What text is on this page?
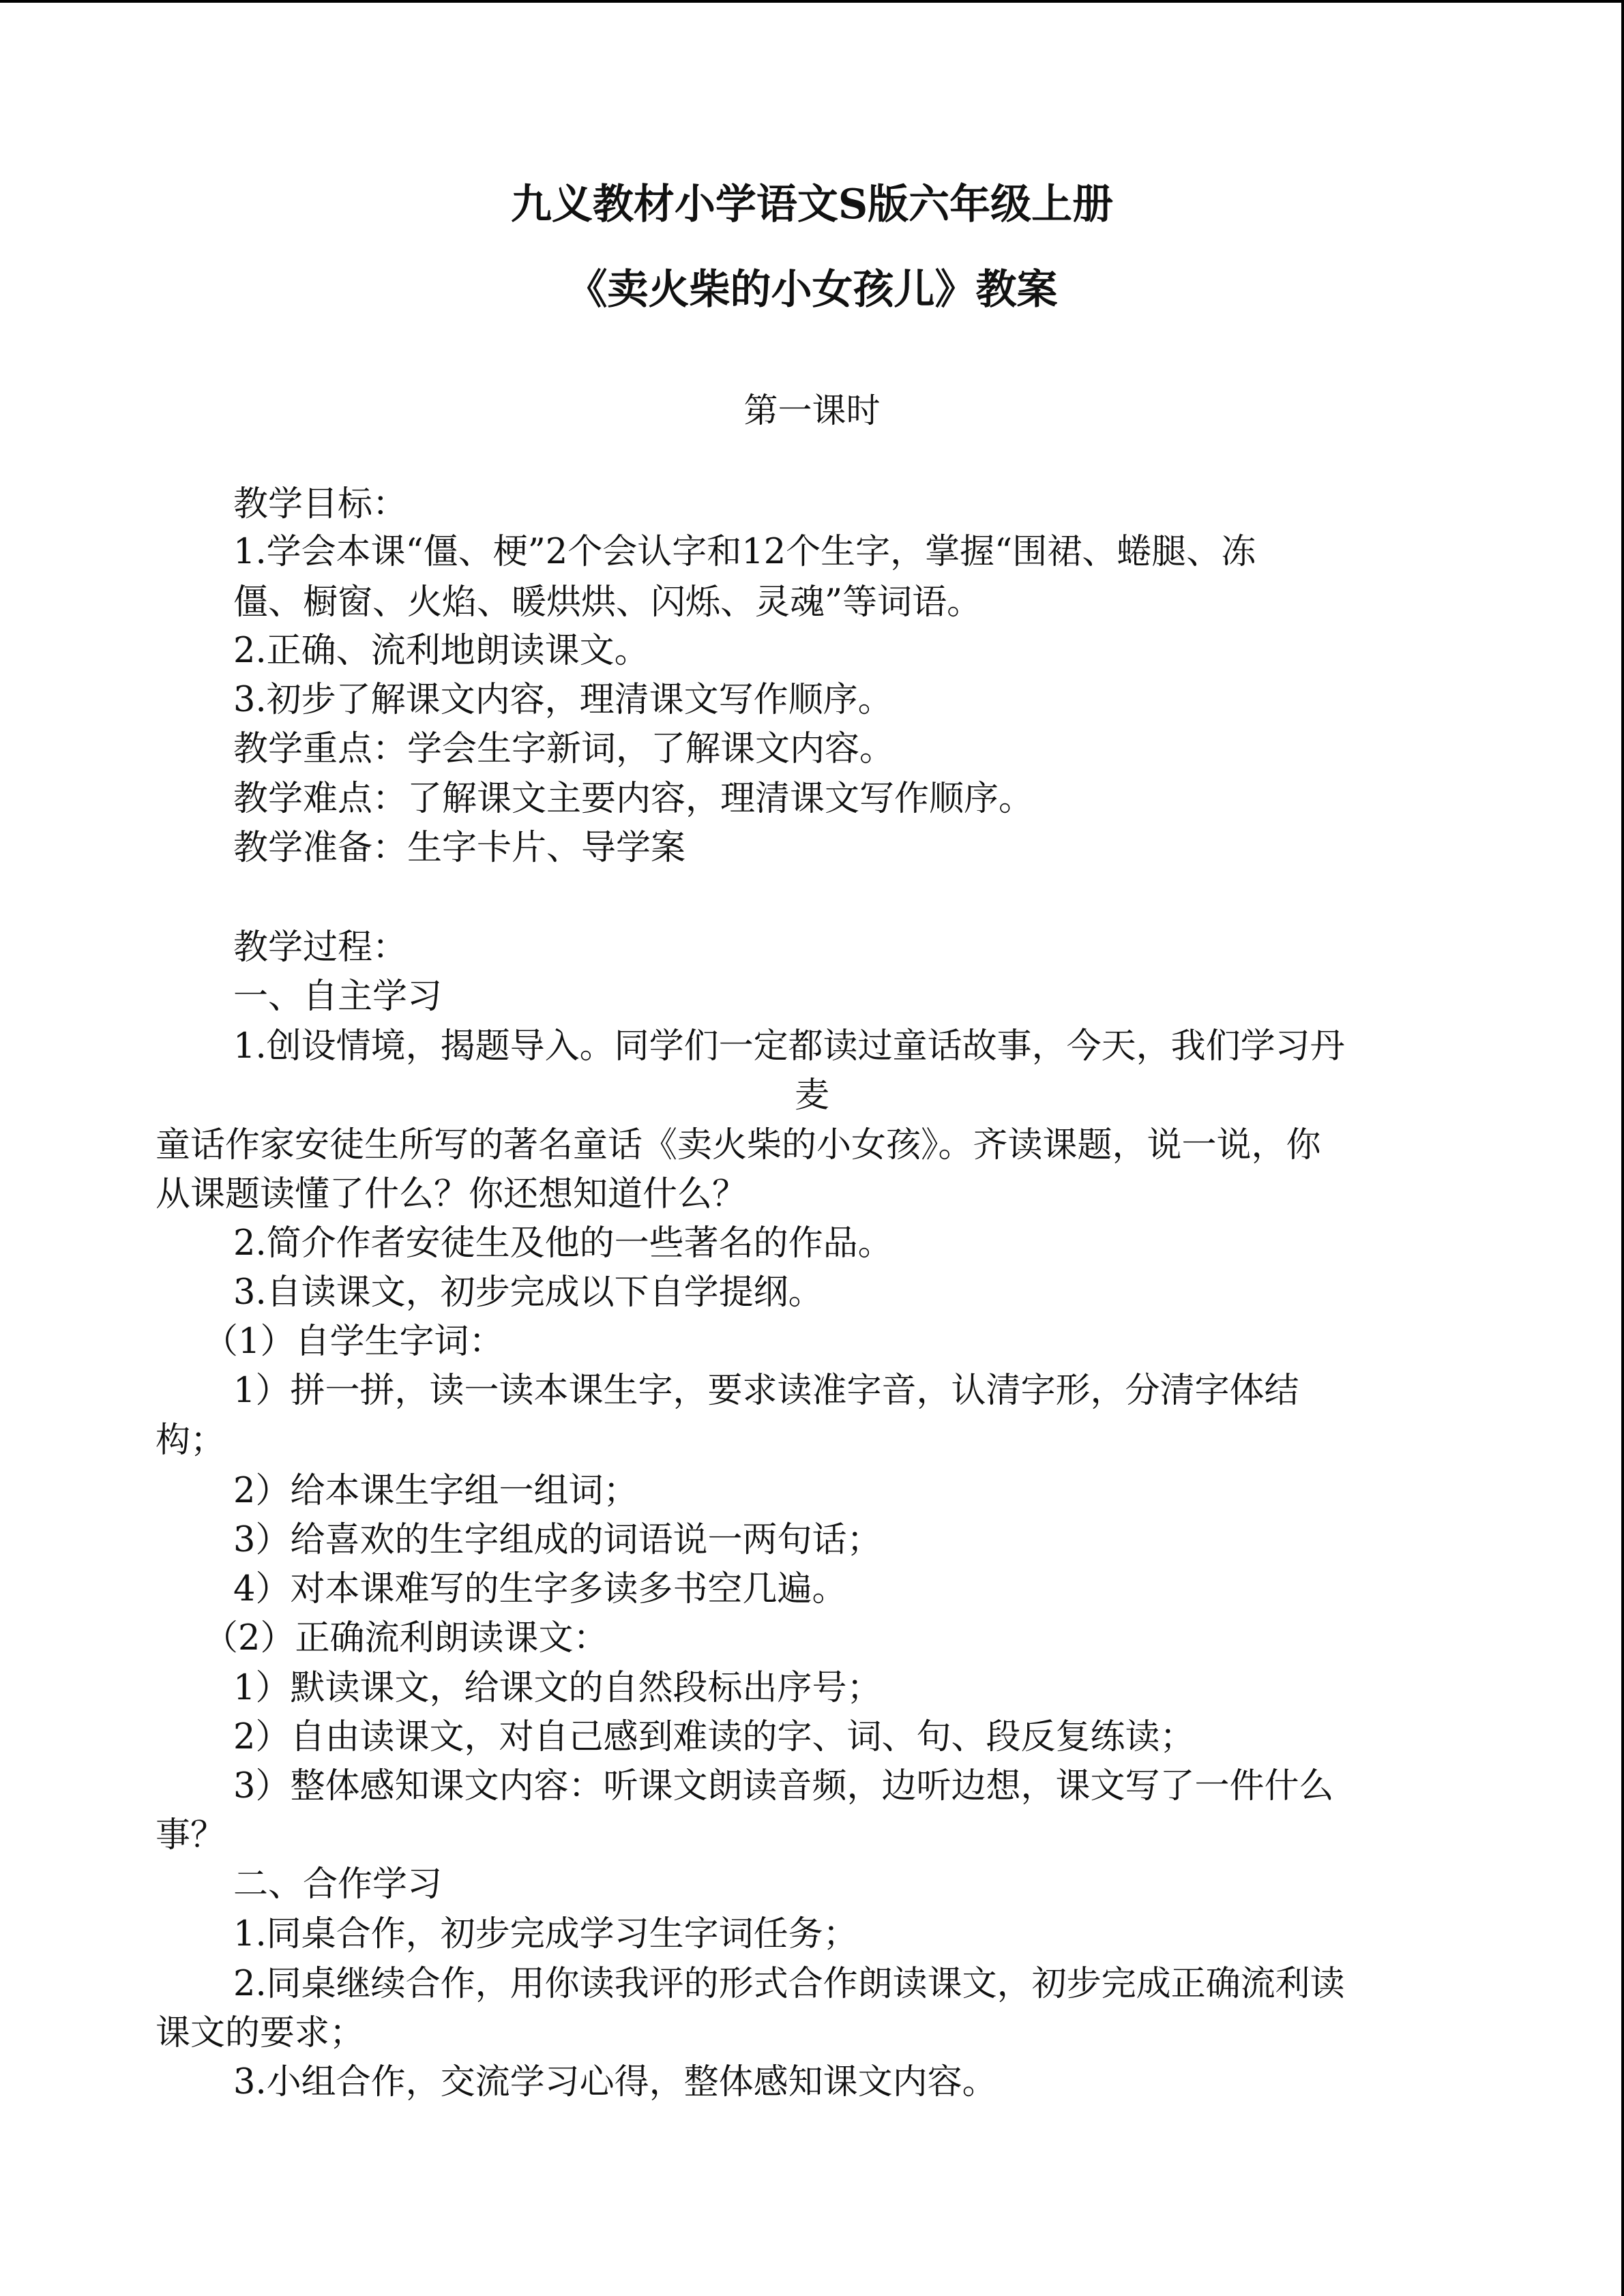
九义教材小学语文S版六年级上册
《卖火柴的小女孩儿》教案
第一课时
教学目标：
1.学会本课“僵、梗”2个会认字和12个生字，掌握“围裙、蜷腿、冻
僵、橱窗、火焰、暖烘烘、闪烁、灵魂”等词语。
2.正确、流利地朗读课文。
3.初步了解课文内容，理清课文写作顺序。
教学重点：学会生字新词，了解课文内容。
教学难点：了解课文主要内容，理清课文写作顺序。
教学准备：生字卡片、导学案
教学过程：
一、自主学习
1.创设情境，揭题导入。同学们一定都读过童话故事，今天，我们学习丹
麦
童话作家安徒生所写的著名童话《卖火柴的小女孩》。齐读课题，说一说，你
从课题读懂了什么？你还想知道什么？
2.简介作者安徒生及他的一些著名的作品。
3.自读课文，初步完成以下自学提纲。
（1）自学生字词：
1）拼一拼，读一读本课生字，要求读准字音，认清字形，分清字体结
构；
2）给本课生字组一组词；
3）给喜欢的生字组成的词语说一两句话；
4）对本课难写的生字多读多书空几遍。
（2）正确流利朗读课文：
1）默读课文，给课文的自然段标出序号；
2）自由读课文，对自己感到难读的字、词、句、段反复练读；
3）整体感知课文内容：听课文朗读音频，边听边想，课文写了一件什么
事？
二、合作学习
1.同桌合作，初步完成学习生字词任务；
2.同桌继续合作，用你读我评的形式合作朗读课文，初步完成正确流利读
课文的要求；
3.小组合作，交流学习心得，整体感知课文内容。
